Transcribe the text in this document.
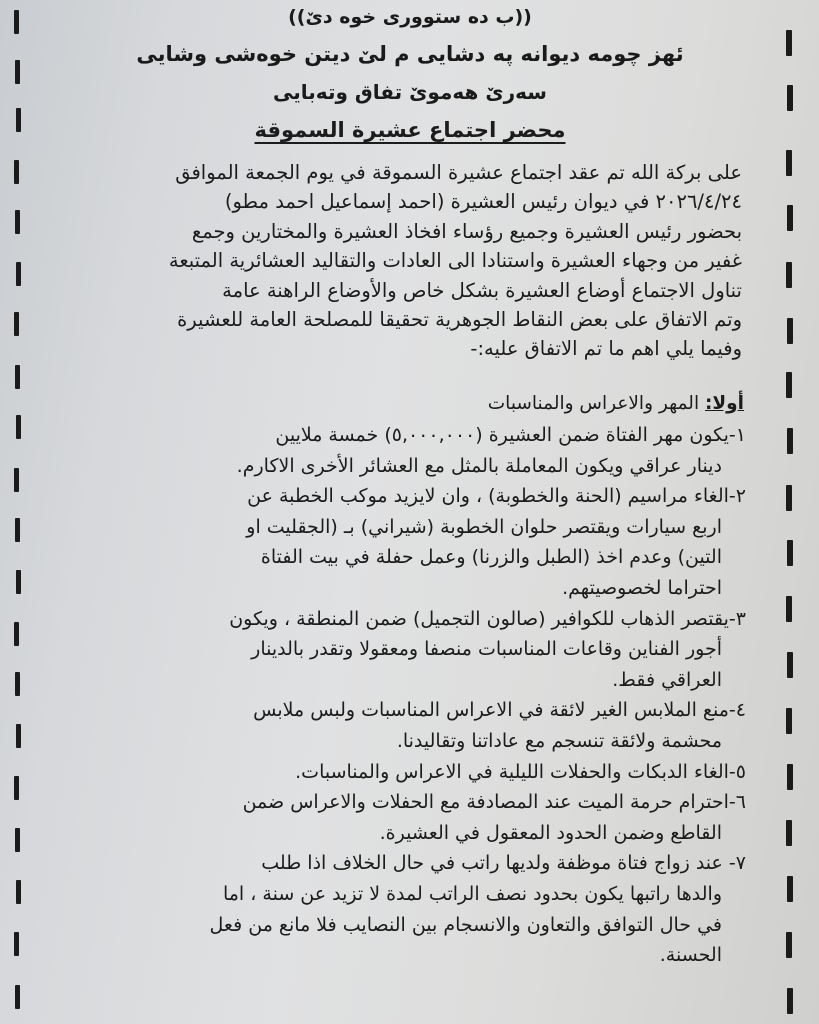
((ب ده ستووری خوه دێ))

ئهز چومه دیوانه په دشایی م لێ دیتن خوەشی وشایی

سەرێ هەموێ تفاق وتەبایی

محضر اجتماع عشيرة السموقة

على بركة الله تم عقد اجتماع عشيرة السموقة في يوم الجمعة الموافق

٢٠٢٦/٤/٢٤ في ديوان رئيس العشيرة (احمد إسماعيل احمد مطو)

بحضور رئيس العشيرة وجميع رؤساء افخاذ العشيرة والمختارين وجمع

غفير من وجهاء العشيرة واستنادا الى العادات والتقاليد العشائرية المتبعة

تناول الاجتماع أوضاع العشيرة بشكل خاص والأوضاع الراهنة عامة

وتم الاتفاق على بعض النقاط الجوهرية تحقيقا للمصلحة العامة للعشيرة

وفيما يلي اهم ما تم الاتفاق عليه:-

أولا: المهر والاعراس والمناسبات

١-يكون مهر الفتاة ضمن العشيرة (٥,٠٠٠,٠٠٠) خمسة ملايين

دينار عراقي ويكون المعاملة بالمثل مع العشائر الأخرى الاكارم.

٢-الغاء مراسيم (الحنة والخطوبة) ، وان لايزيد موكب الخطبة عن

اربع سيارات ويقتصر حلوان الخطوبة (شيراني) بـ (الجقليت او

التين) وعدم اخذ (الطبل والزرنا) وعمل حفلة في بيت الفتاة

احتراما لخصوصيتهم.

٣-يقتصر الذهاب للكوافير (صالون التجميل) ضمن المنطقة ، ويكون

أجور الفناين وقاعات المناسبات منصفا ومعقولا وتقدر بالدينار

العراقي فقط.

٤-منع الملابس الغير لائقة في الاعراس المناسبات ولبس ملابس

محشمة ولائقة تنسجم مع عاداتنا وتقاليدنا.

٥-الغاء الدبكات والحفلات الليلية في الاعراس والمناسبات.

٦-احترام حرمة الميت عند المصادفة مع الحفلات والاعراس ضمن

القاطع وضمن الحدود المعقول في العشيرة.

٧- عند زواج فتاة موظفة ولديها راتب في حال الخلاف اذا طلب

والدها راتبها يكون بحدود نصف الراتب لمدة لا تزيد عن سنة ، اما

في حال التوافق والتعاون والانسجام بين النصايب فلا مانع من فعل

الحسنة.
